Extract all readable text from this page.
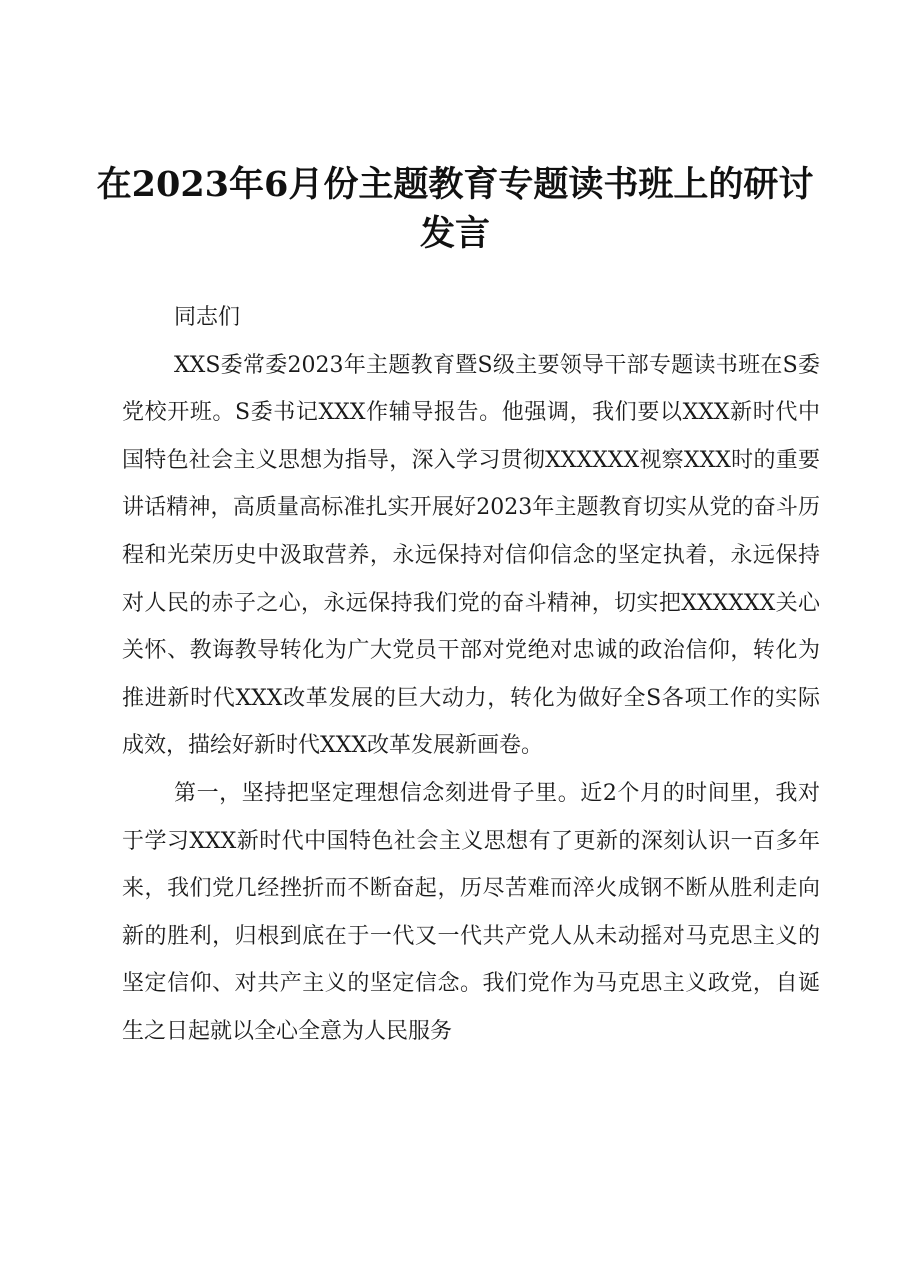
在2023年6月份主题教育专题读书班上的研讨发言

同志们

XXS委常委2023年主题教育暨S级主要领导干部专题读书班在S委党校开班。S委书记XXX作辅导报告。他强调，我们要以XXX新时代中国特色社会主义思想为指导，深入学习贯彻XXXXXX视察XXX时的重要讲话精神，高质量高标准扎实开展好2023年主题教育切实从党的奋斗历程和光荣历史中汲取营养，永远保持对信仰信念的坚定执着，永远保持对人民的赤子之心，永远保持我们党的奋斗精神，切实把XXXXXX关心关怀、教诲教导转化为广大党员干部对党绝对忠诚的政治信仰，转化为推进新时代XXX改革发展的巨大动力，转化为做好全S各项工作的实际成效，描绘好新时代XXX改革发展新画卷。

第一，坚持把坚定理想信念刻进骨子里。近2个月的时间里，我对于学习XXX新时代中国特色社会主义思想有了更新的深刻认识一百多年来，我们党几经挫折而不断奋起，历尽苦难而淬火成钢不断从胜利走向新的胜利，归根到底在于一代又一代共产党人从未动摇对马克思主义的坚定信仰、对共产主义的坚定信念。我们党作为马克思主义政党，自诞生之日起就以全心全意为人民服务
